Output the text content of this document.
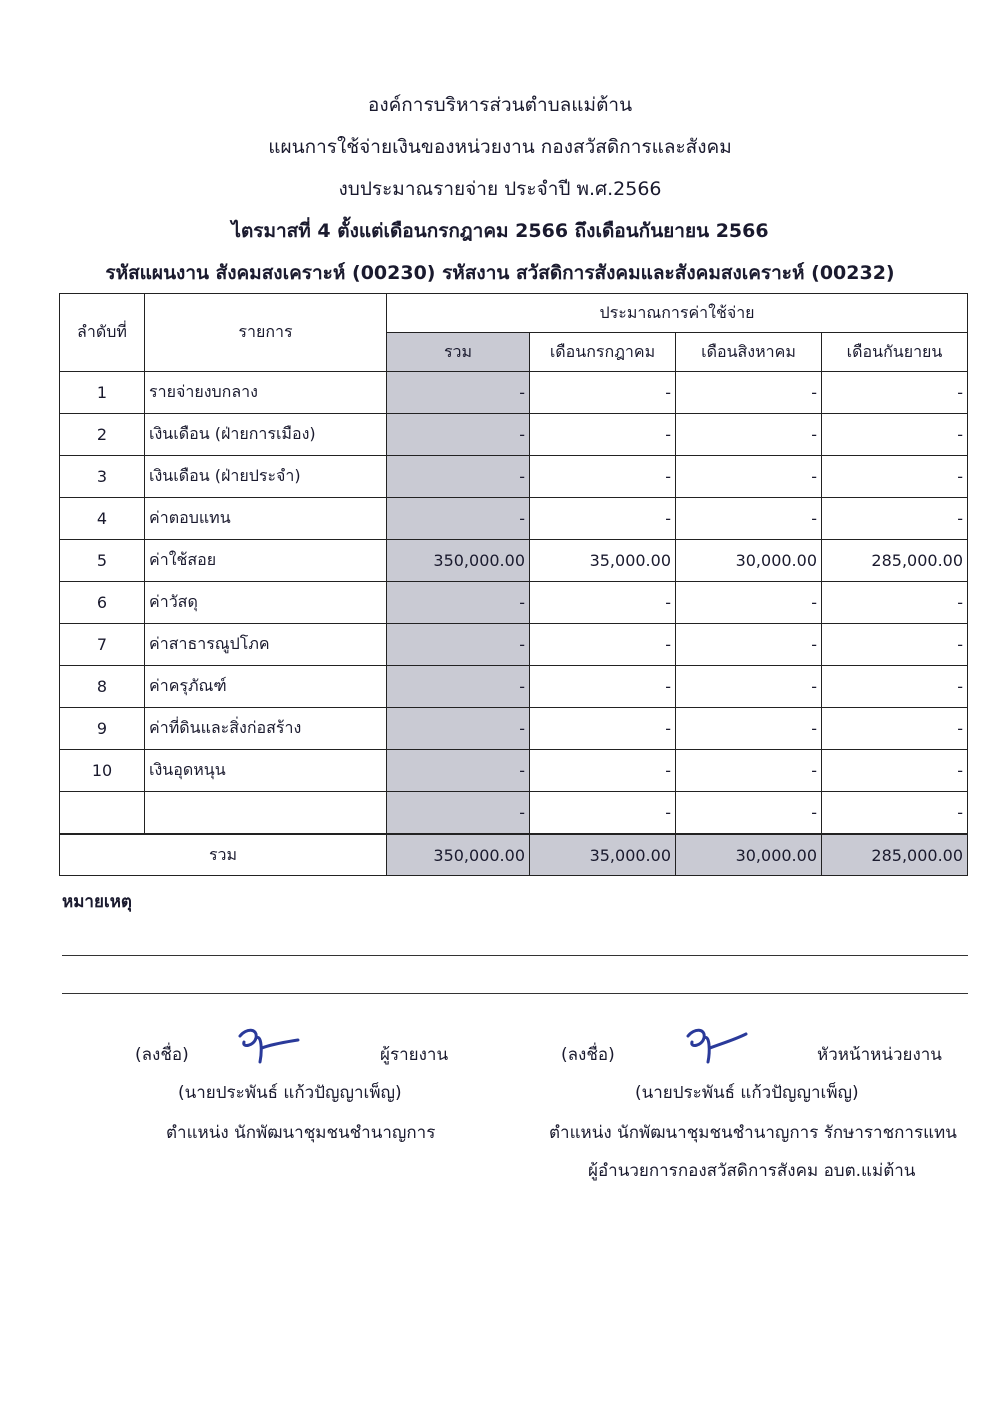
องค์การบริหารส่วนตำบลแม่ต้าน
แผนการใช้จ่ายเงินของหน่วยงาน กองสวัสดิการและสังคม
งบประมาณรายจ่าย ประจำปี พ.ศ.2566
ไตรมาสที่ 4 ตั้งแต่เดือนกรกฎาคม 2566 ถึงเดือนกันยายน 2566
รหัสแผนงาน สังคมสงเคราะห์ (00230) รหัสงาน สวัสดิการสังคมและสังคมสงเคราะห์ (00232)
ลำดับที่	รายการ	ประมาณการค่าใช้จ่าย			
		รวม	เดือนกรกฎาคม	เดือนสิงหาคม	เดือนกันยายน
1	รายจ่ายงบกลาง	-	-	-	-
2	เงินเดือน (ฝ่ายการเมือง)	-	-	-	-
3	เงินเดือน (ฝ่ายประจำ)	-	-	-	-
4	ค่าตอบแทน	-	-	-	-
5	ค่าใช้สอย	350,000.00	35,000.00	30,000.00	285,000.00
6	ค่าวัสดุ	-	-	-	-
7	ค่าสาธารณูปโภค	-	-	-	-
8	ค่าครุภัณฑ์	-	-	-	-
9	ค่าที่ดินและสิ่งก่อสร้าง	-	-	-	-
10	เงินอุดหนุน	-	-	-	-
		-	-	-	-
รวม		350,000.00	35,000.00	30,000.00	285,000.00
หมายเหตุ
(ลงชื่อ)	ผู้รายงาน
(นายประพันธ์ แก้วปัญญาเพ็ญ)
ตำแหน่ง นักพัฒนาชุมชนชำนาญการ
(ลงชื่อ)	หัวหน้าหน่วยงาน
(นายประพันธ์ แก้วปัญญาเพ็ญ)
ตำแหน่ง นักพัฒนาชุมชนชำนาญการ รักษาราชการแทน
ผู้อำนวยการกองสวัสดิการสังคม อบต.แม่ต้าน
